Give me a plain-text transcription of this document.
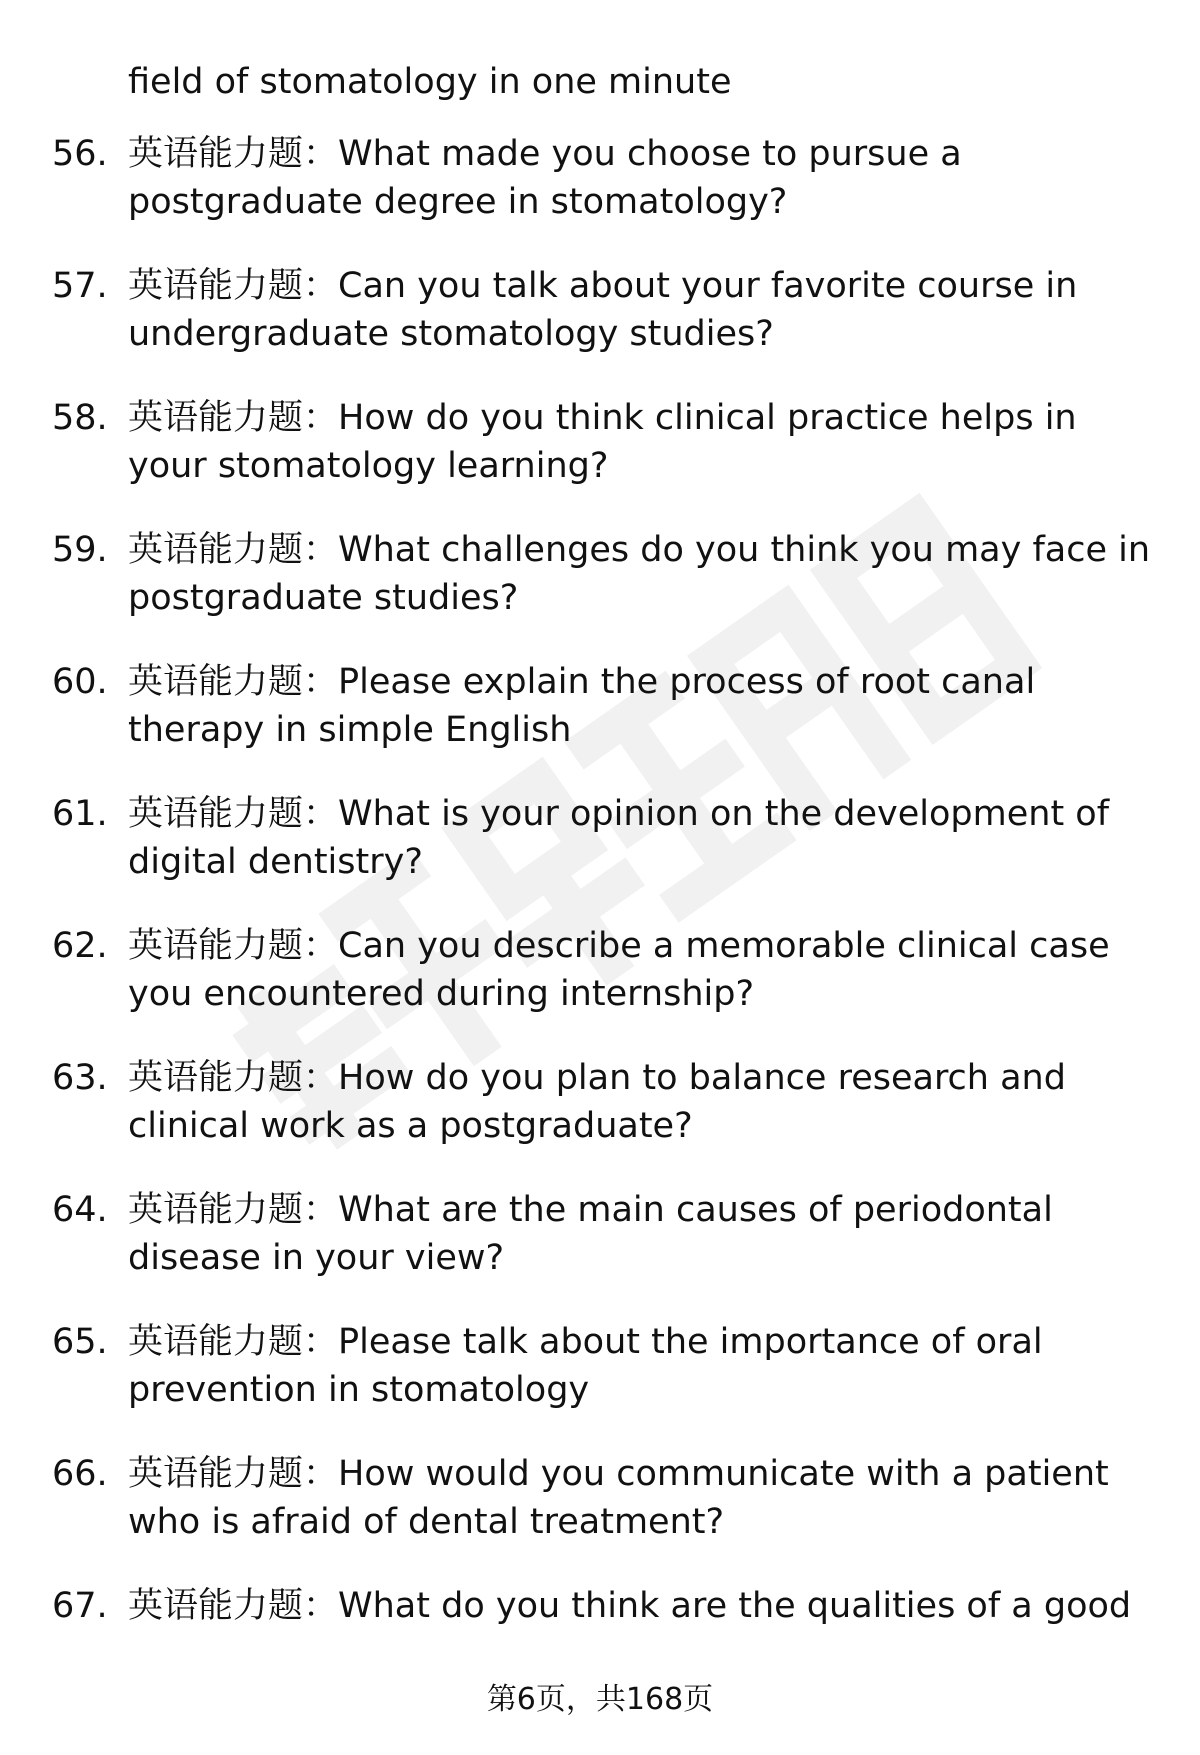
field of stomatology in one minute
56. 英语能力题：What made you choose to pursue a
postgraduate degree in stomatology?
57. 英语能力题：Can you talk about your favorite course in
undergraduate stomatology studies?
58. 英语能力题：How do you think clinical practice helps in
your stomatology learning?
59. 英语能力题：What challenges do you think you may face in
postgraduate studies?
60. 英语能力题：Please explain the process of root canal
therapy in simple English
61. 英语能力题：What is your opinion on the development of
digital dentistry?
62. 英语能力题：Can you describe a memorable clinical case
you encountered during internship?
63. 英语能力题：How do you plan to balance research and
clinical work as a postgraduate?
64. 英语能力题：What are the main causes of periodontal
disease in your view?
65. 英语能力题：Please talk about the importance of oral
prevention in stomatology
66. 英语能力题：How would you communicate with a patient
who is afraid of dental treatment?
67. 英语能力题：What do you think are the qualities of a good
第6页，共168页
